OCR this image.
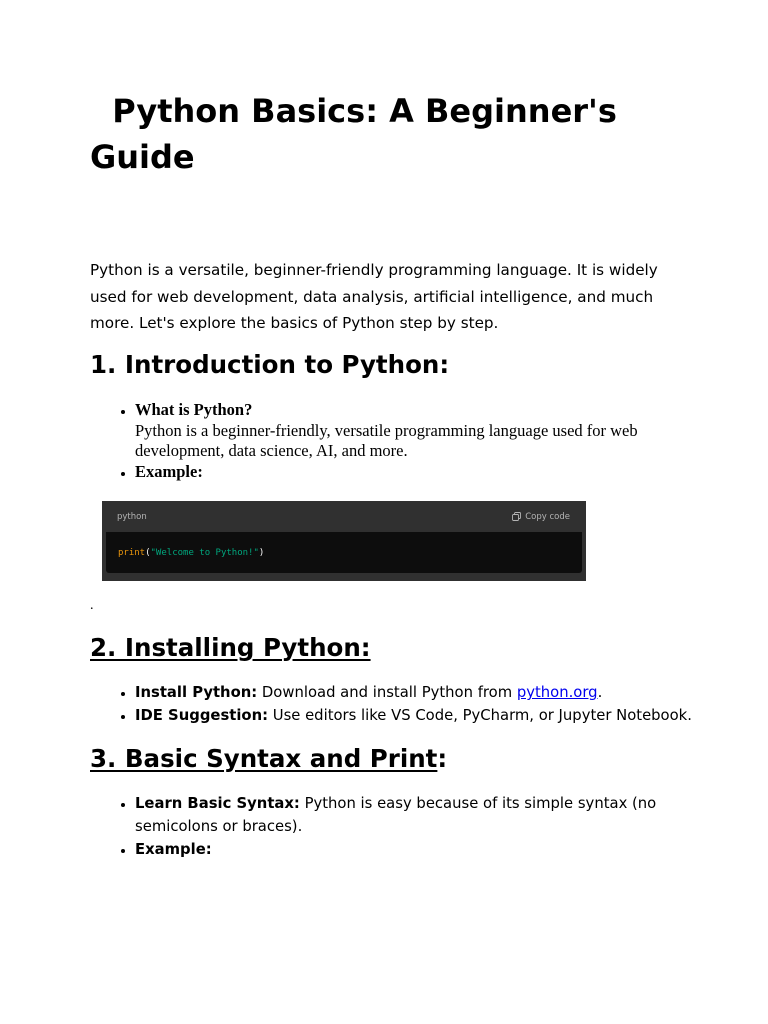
Python Basics: A Beginner's Guide

Python is a versatile, beginner-friendly programming language. It is widely used for web development, data analysis, artificial intelligence, and much more. Let's explore the basics of Python step by step.

1. Introduction to Python:
• What is Python?
Python is a beginner-friendly, versatile programming language used for web development, data science, AI, and more.
• Example:
python	Copy code
print ( "Welcome to Python!" )
.
2. Installing Python:
• Install Python: Download and install Python from python.org.
• IDE Suggestion: Use editors like VS Code, PyCharm, or Jupyter Notebook.
3. Basic Syntax and Print:
• Learn Basic Syntax: Python is easy because of its simple syntax (no semicolons or braces).
• Example:
